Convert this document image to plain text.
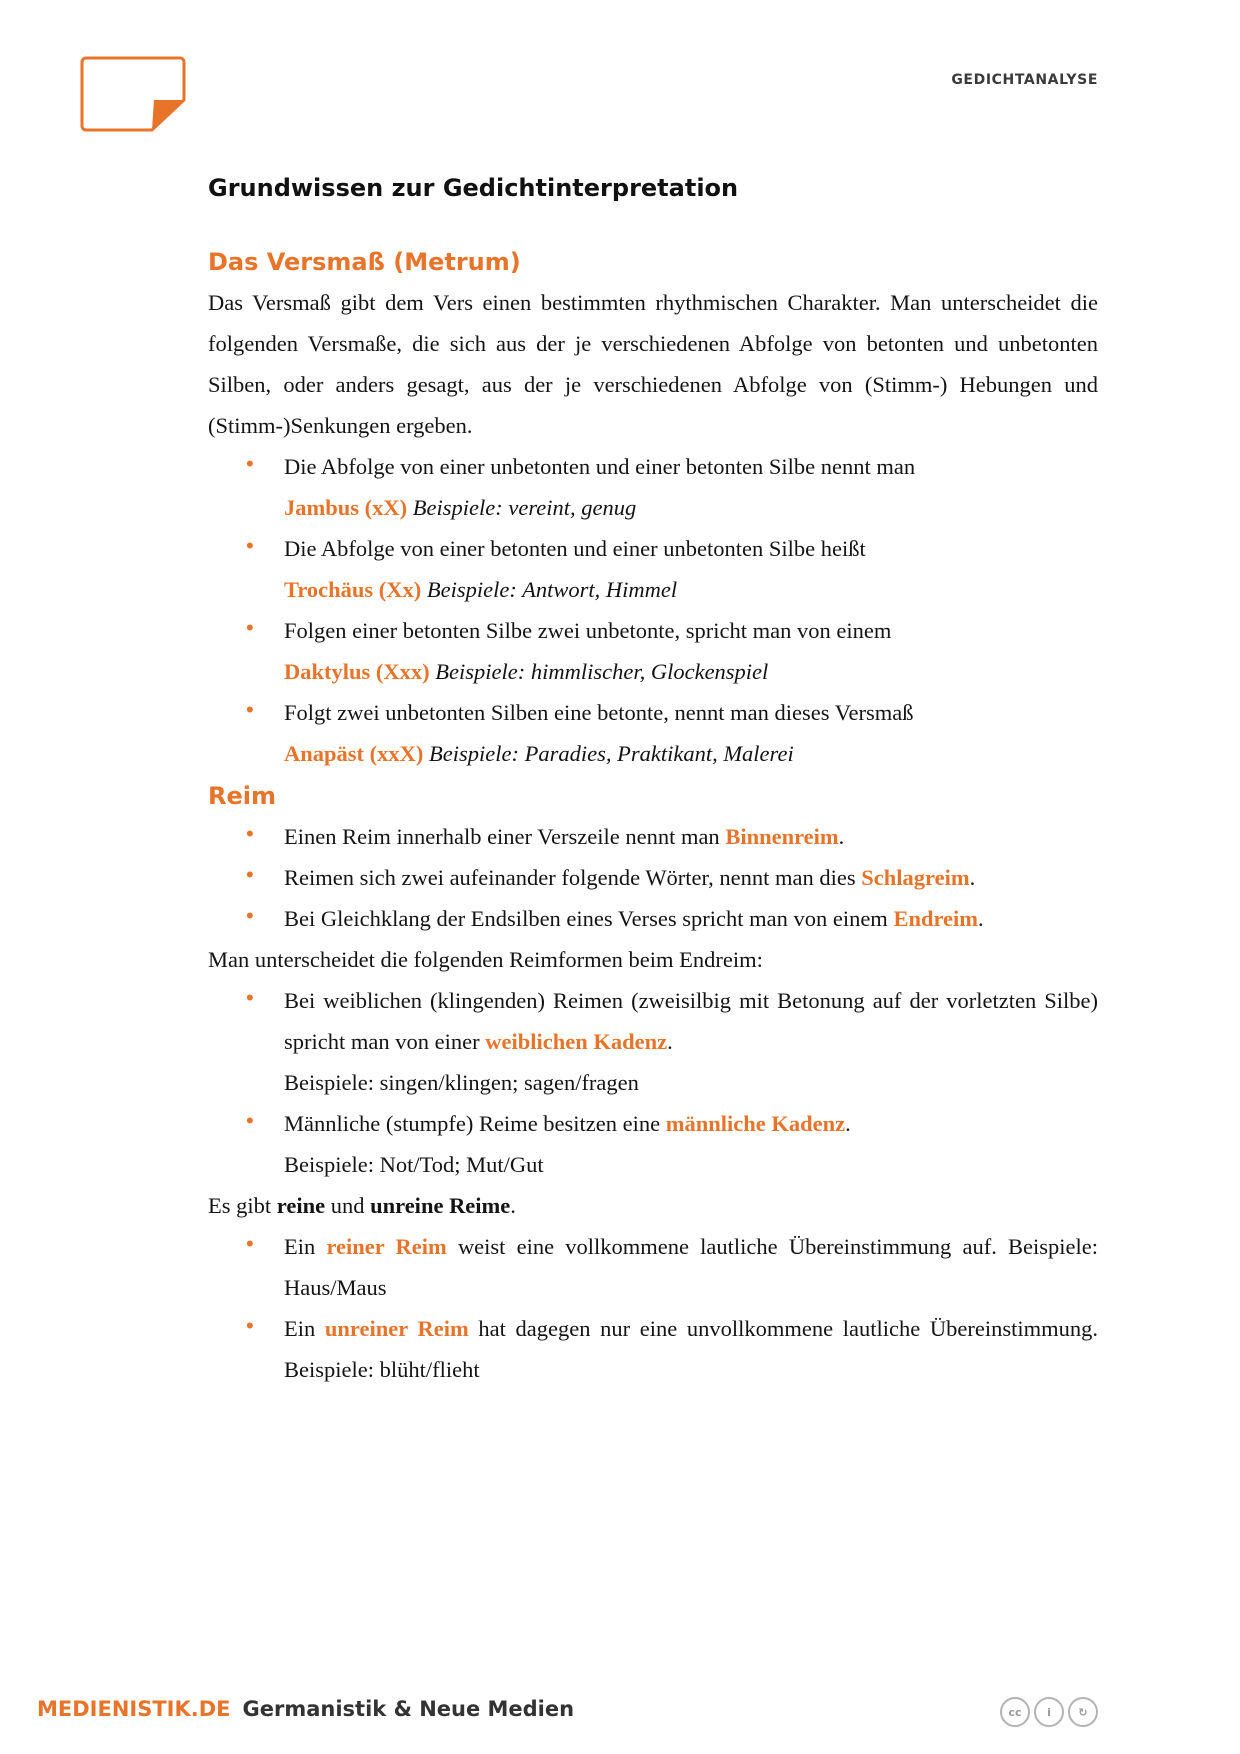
GEDICHTANALYSE
Grundwissen zur Gedichtinterpretation
Das Versmaß (Metrum)

Das Versmaß gibt dem Vers einen bestimmten rhythmischen Charakter. Man unterscheidet die folgenden Versmaße, die sich aus der je verschiedenen Abfolge von betonten und unbetonten Silben, oder anders gesagt, aus der je verschiedenen Abfolge von (Stimm-) Hebungen und (Stimm-)Senkungen ergeben.

• Die Abfolge von einer unbetonten und einer betonten Silbe nennt man
Jambus (xX) Beispiele: vereint, genug
• Die Abfolge von einer betonten und einer unbetonten Silbe heißt
Trochäus (Xx) Beispiele: Antwort, Himmel
• Folgen einer betonten Silbe zwei unbetonte, spricht man von einem
Daktylus (Xxx) Beispiele: himmlischer, Glockenspiel
• Folgt zwei unbetonten Silben eine betonte, nennt man dieses Versmaß
Anapäst (xxX) Beispiele: Paradies, Praktikant, Malerei
Reim
• Einen Reim innerhalb einer Verszeile nennt man Binnenreim.
• Reimen sich zwei aufeinander folgende Wörter, nennt man dies Schlagreim.
• Bei Gleichklang der Endsilben eines Verses spricht man von einem Endreim.

Man unterscheidet die folgenden Reimformen beim Endreim:

• Bei weiblichen (klingenden) Reimen (zweisilbig mit Betonung auf der vorletzten Silbe) spricht man von einer weiblichen Kadenz.
Beispiele: singen/klingen; sagen/fragen
• Männliche (stumpfe) Reime besitzen eine männliche Kadenz.
Beispiele: Not/Tod; Mut/Gut

Es gibt reine und unreine Reime.

• Ein reiner Reim weist eine vollkommene lautliche Übereinstimmung auf. Beispiele: Haus/Maus
• Ein unreiner Reim hat dagegen nur eine unvollkommene lautliche Übereinstimmung. Beispiele: blüht/flieht
MEDIENISTIK.DE Germanistik & Neue Medien	cc	i	↻
